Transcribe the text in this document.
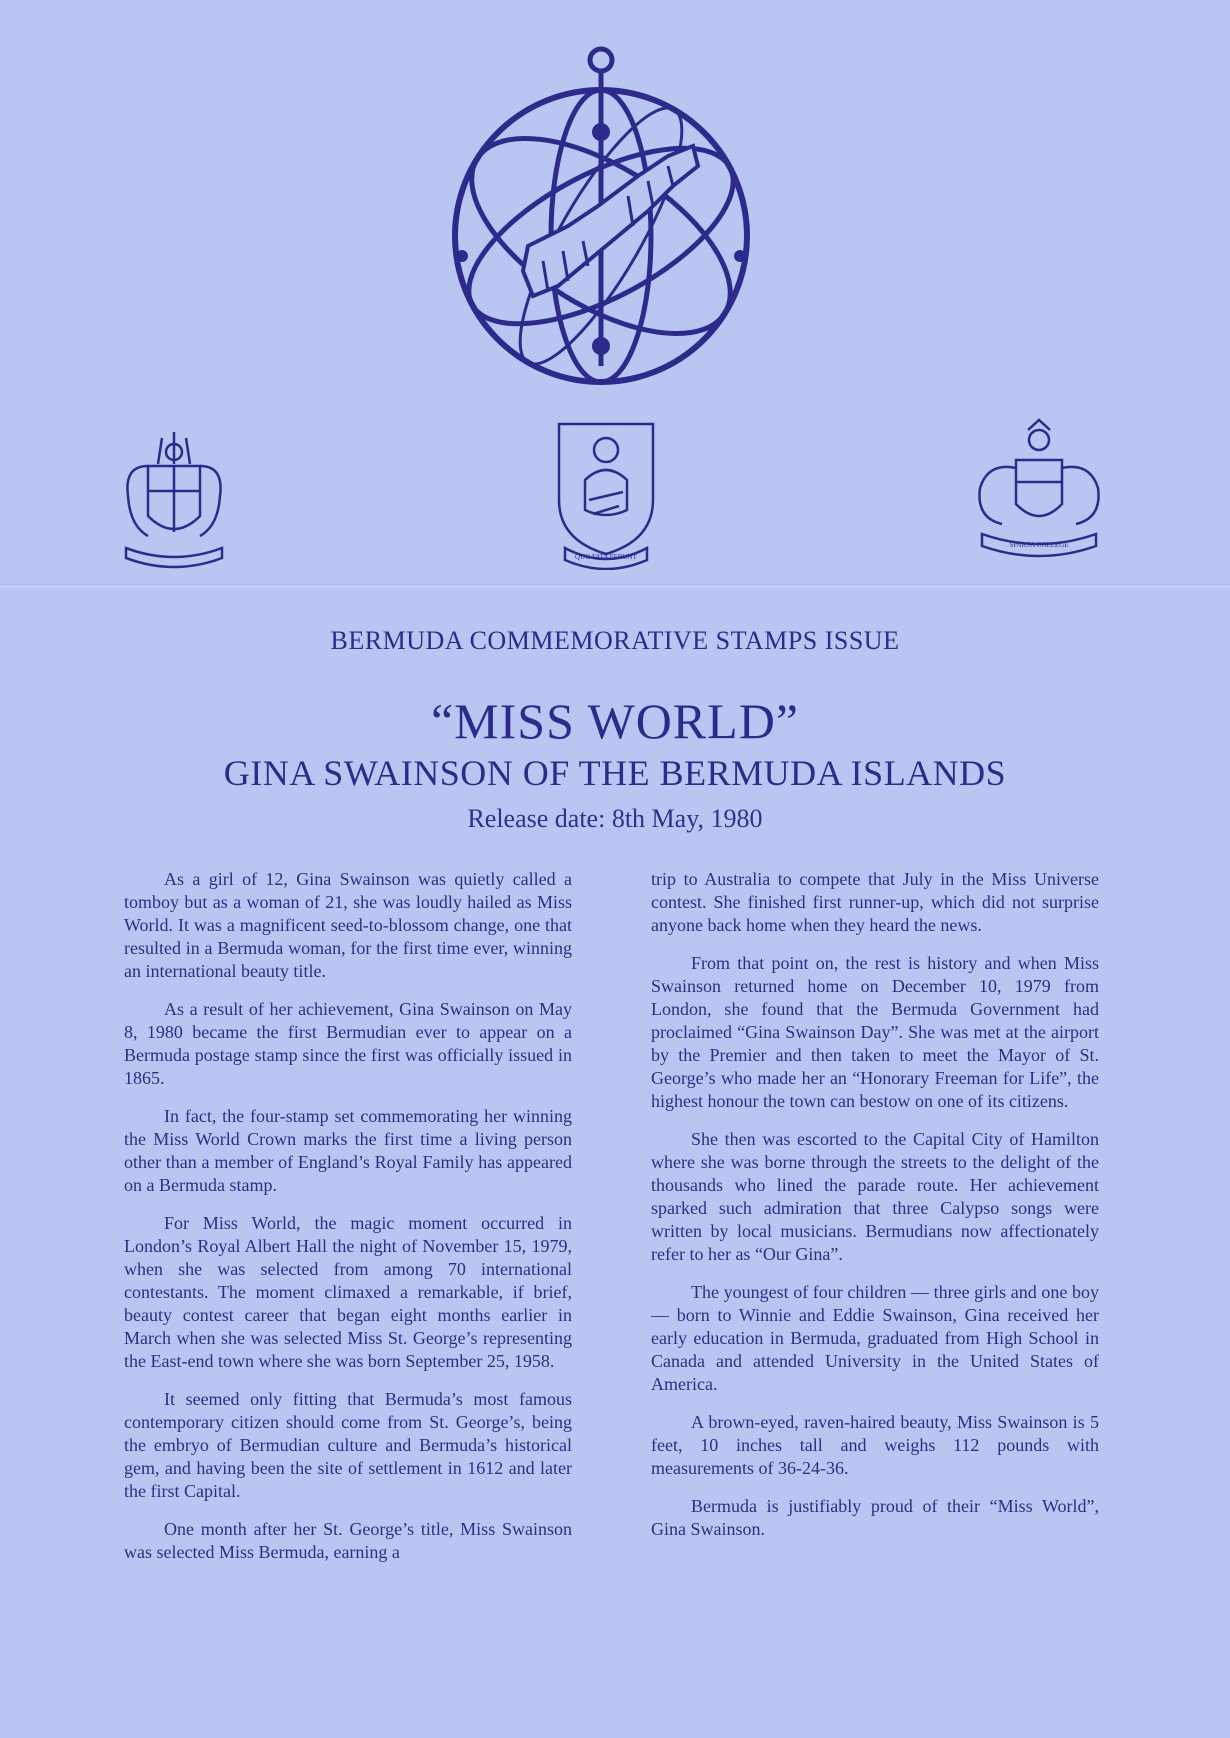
QUO FATA FERUNT
SPARSA COLLEGE
BERMUDA COMMEMORATIVE STAMPS ISSUE
“MISS WORLD”
GINA SWAINSON OF THE BERMUDA ISLANDS
Release date: 8th May, 1980

As a girl of 12, Gina Swainson was quietly called a tomboy but as a woman of 21, she was loudly hailed as Miss World. It was a magnificent seed-to-blossom change, one that resulted in a Bermuda woman, for the first time ever, winning an international beauty title.

As a result of her achievement, Gina Swainson on May 8, 1980 became the first Bermudian ever to appear on a Bermuda postage stamp since the first was officially issued in 1865.

In fact, the four-stamp set commemorating her winning the Miss World Crown marks the first time a living person other than a member of England’s Royal Family has appeared on a Bermuda stamp.

For Miss World, the magic moment occurred in London’s Royal Albert Hall the night of November 15, 1979, when she was selected from among 70 international contestants. The moment climaxed a remarkable, if brief, beauty contest career that began eight months earlier in March when she was selected Miss St. George’s representing the East-end town where she was born September 25, 1958.

It seemed only fitting that Bermuda’s most famous contemporary citizen should come from St. George’s, being the embryo of Bermudian culture and Bermuda’s historical gem, and having been the site of settlement in 1612 and later the first Capital.

One month after her St. George’s title, Miss Swainson was selected Miss Bermuda, earning a

trip to Australia to compete that July in the Miss Universe contest. She finished first runner-up, which did not surprise anyone back home when they heard the news.

From that point on, the rest is history and when Miss Swainson returned home on December 10, 1979 from London, she found that the Bermuda Government had proclaimed “Gina Swainson Day”. She was met at the airport by the Premier and then taken to meet the Mayor of St. George’s who made her an “Honorary Freeman for Life”, the highest honour the town can bestow on one of its citizens.

She then was escorted to the Capital City of Hamilton where she was borne through the streets to the delight of the thousands who lined the parade route. Her achievement sparked such admiration that three Calypso songs were written by local musicians. Bermudians now affectionately refer to her as “Our Gina”.

The youngest of four children — three girls and one boy — born to Winnie and Eddie Swainson, Gina received her early education in Bermuda, graduated from High School in Canada and attended University in the United States of America.

A brown-eyed, raven-haired beauty, Miss Swainson is 5 feet, 10 inches tall and weighs 112 pounds with measurements of 36-24-36.

Bermuda is justifiably proud of their “Miss World”, Gina Swainson.
